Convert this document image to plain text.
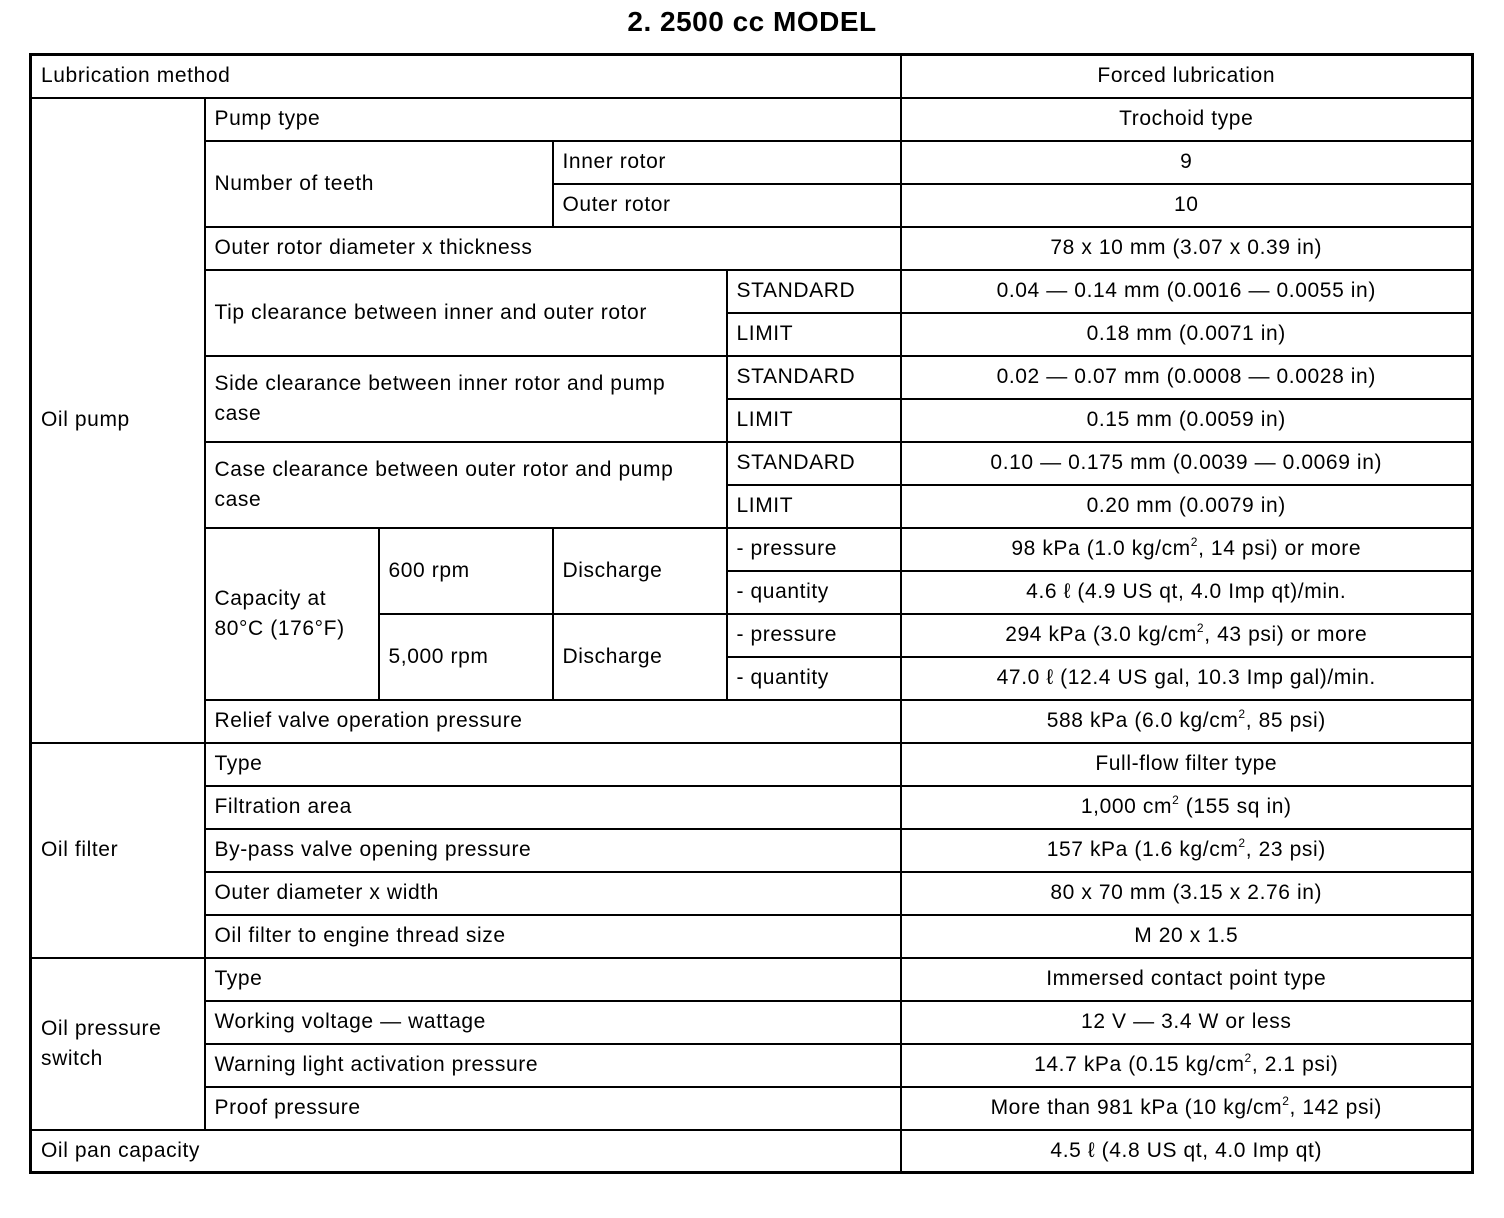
2. 2500 cc MODEL
Lubrication method					Forced lubrication
Oil pump	Pump type				Trochoid type
	Number of teeth		Inner rotor		9
			Outer rotor		10
	Outer rotor diameter x thickness				78 x 10 mm (3.07 x 0.39 in)
	Tip clearance between inner and outer rotor			STANDARD	0.04 — 0.14 mm (0.0016 — 0.0055 in)
				LIMIT	0.18 mm (0.0071 in)
	Side clearance between inner rotor and pump case			STANDARD	0.02 — 0.07 mm (0.0008 — 0.0028 in)
				LIMIT	0.15 mm (0.0059 in)
	Case clearance between outer rotor and pump case			STANDARD	0.10 — 0.175 mm (0.0039 — 0.0069 in)
				LIMIT	0.20 mm (0.0079 in)
	Capacity at 80°C (176°F)	600 rpm	Discharge	- pressure	98 kPa (1.0 $kg/cm^2$, 14 psi) or more
				- quantity	4.6 ℓ (4.9 US qt, 4.0 Imp qt)/min.
		5,000 rpm	Discharge	- pressure	294 kPa (3.0 $kg/cm^2$, 43 psi) or more
				- quantity	47.0 ℓ (12.4 US gal, 10.3 Imp gal)/min.
	Relief valve operation pressure				588 kPa (6.0 $kg/cm^2$, 85 psi)
Oil filter	Type				Full-flow filter type
	Filtration area				1,000 $cm^2$ (155 sq in)
	By-pass valve opening pressure				157 kPa (1.6 $kg/cm^2$, 23 psi)
	Outer diameter x width				80 x 70 mm (3.15 x 2.76 in)
	Oil filter to engine thread size				M 20 x 1.5
Oil pressure switch	Type				Immersed contact point type
	Working voltage — wattage				12 V — 3.4 W or less
	Warning light activation pressure				14.7 kPa (0.15 $kg/cm^2$, 2.1 psi)
	Proof pressure				More than 981 kPa (10 $kg/cm^2$, 142 psi)
Oil pan capacity					4.5 ℓ (4.8 US qt, 4.0 Imp qt)
